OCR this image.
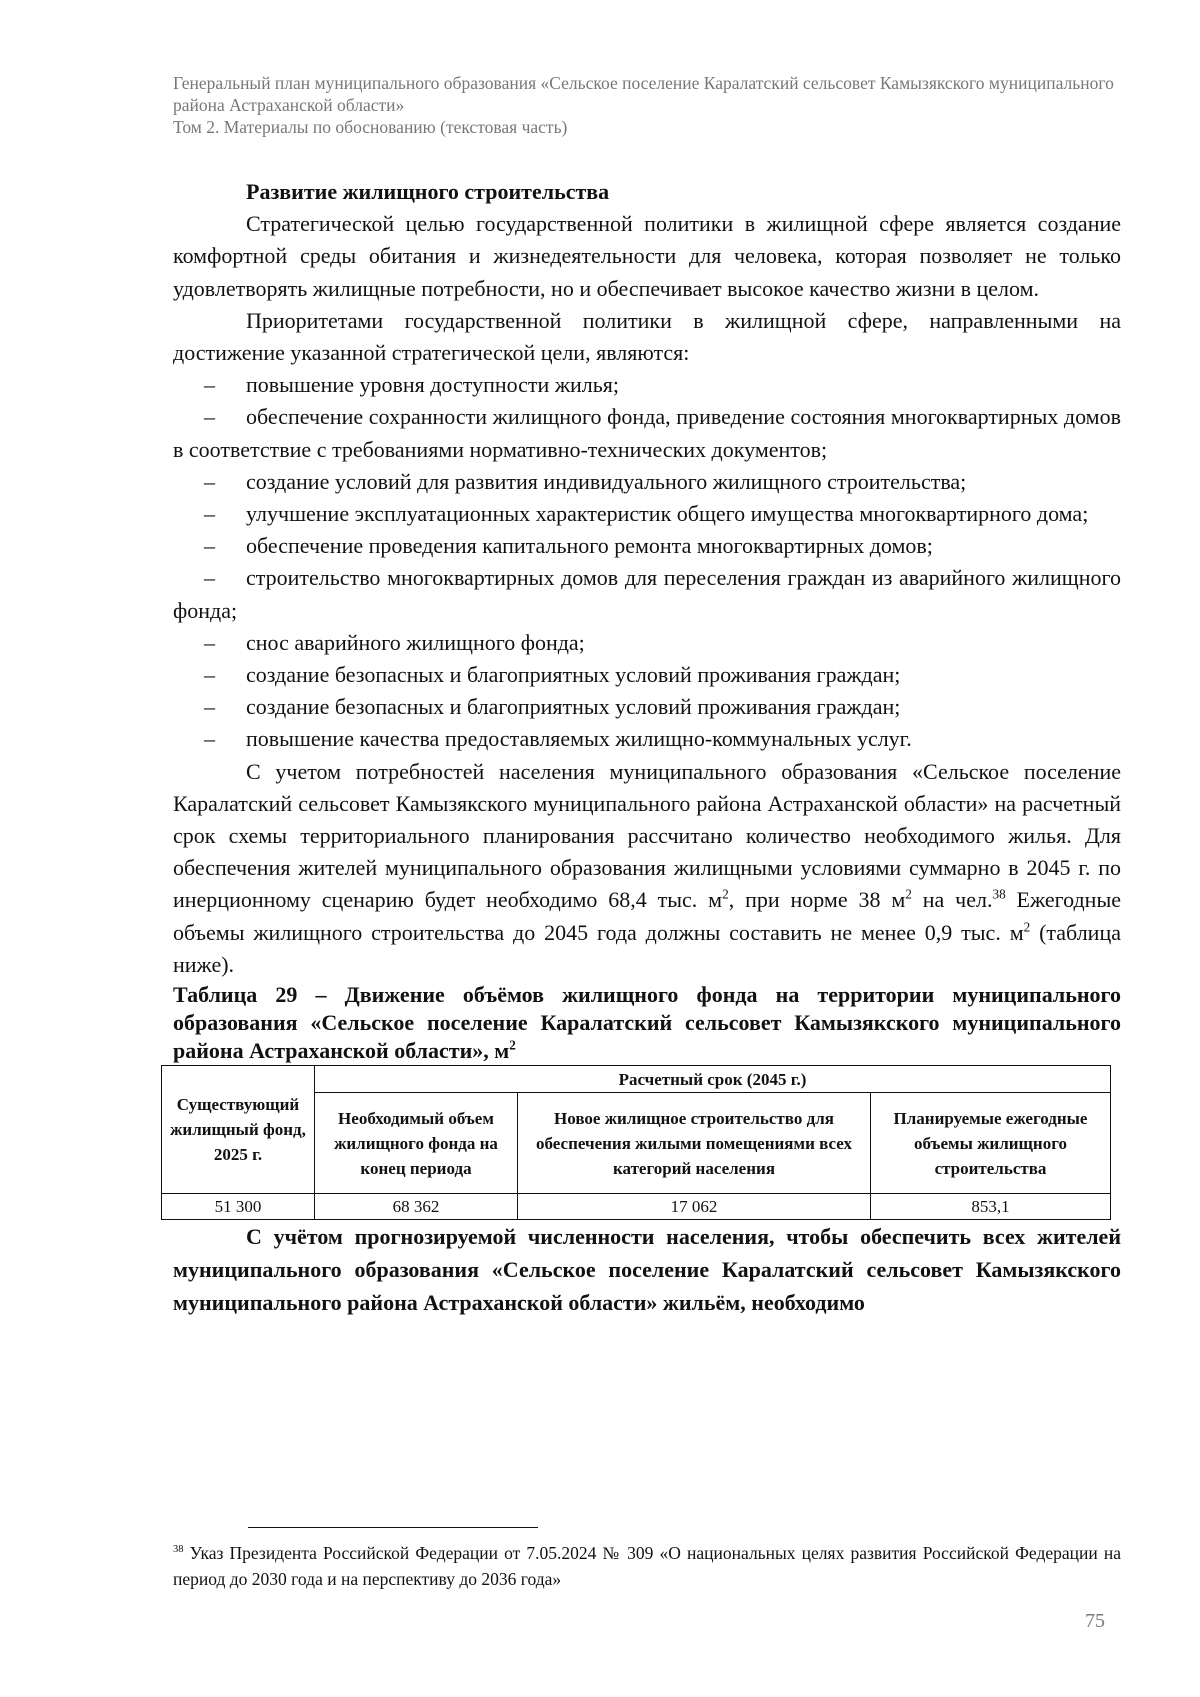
Генеральный план муниципального образования «Сельское поселение Каралатский сельсовет Камызякского муниципального района Астраханской области»
Том 2. Материалы по обоснованию (текстовая часть)

Развитие жилищного строительства

Стратегической целью государственной политики в жилищной сфере является создание комфортной среды обитания и жизнедеятельности для человека, которая позволяет не только удовлетворять жилищные потребности, но и обеспечивает высокое качество жизни в целом.

Приоритетами государственной политики в жилищной сфере, направленными на достижение указанной стратегической цели, являются:

– повышение уровня доступности жилья;

– обеспечение сохранности жилищного фонда, приведение состояния многоквартирных домов в соответствие с требованиями нормативно-технических документов;

– создание условий для развития индивидуального жилищного строительства;

– улучшение эксплуатационных характеристик общего имущества многоквартирного дома;

– обеспечение проведения капитального ремонта многоквартирных домов;

– строительство многоквартирных домов для переселения граждан из аварийного жилищного фонда;

– снос аварийного жилищного фонда;

– создание безопасных и благоприятных условий проживания граждан;

– создание безопасных и благоприятных условий проживания граждан;

– повышение качества предоставляемых жилищно-коммунальных услуг.

С учетом потребностей населения муниципального образования «Сельское поселение Каралатский сельсовет Камызякского муниципального района Астраханской области» на расчетный срок схемы территориального планирования рассчитано количество необходимого жилья. Для обеспечения жителей муниципального образования жилищными условиями суммарно в 2045 г. по инерционному сценарию будет необходимо 68,4 тыс. $м^2$, при норме 38 $м^2$ на чел.$^{38}$ Ежегодные объемы жилищного строительства до 2045 года должны составить не менее 0,9 тыс. $м^2$ (таблица ниже).

Таблица 29 – Движение объёмов жилищного фонда на территории муниципального образования «Сельское поселение Каралатский сельсовет Камызякского муниципального района Астраханской области», $м^2$

Существующий жилищный фонд, 2025 г.	Расчетный срок (2045 г.)		
	Необходимый объем жилищного фонда на конец периода	Новое жилищное строительство для обеспечения жилыми помещениями всех категорий населения	Планируемые ежегодные объемы жилищного строительства
51 300	68 362	17 062	853,1

С учётом прогнозируемой численности населения, чтобы обеспечить всех жителей муниципального образования «Сельское поселение Каралатский сельсовет Камызякского муниципального района Астраханской области» жильём, необходимо

$^{38}$ Указ Президента Российской Федерации от 7.05.2024 № 309 «О национальных целях развития Российской Федерации на период до 2030 года и на перспективу до 2036 года»
75
